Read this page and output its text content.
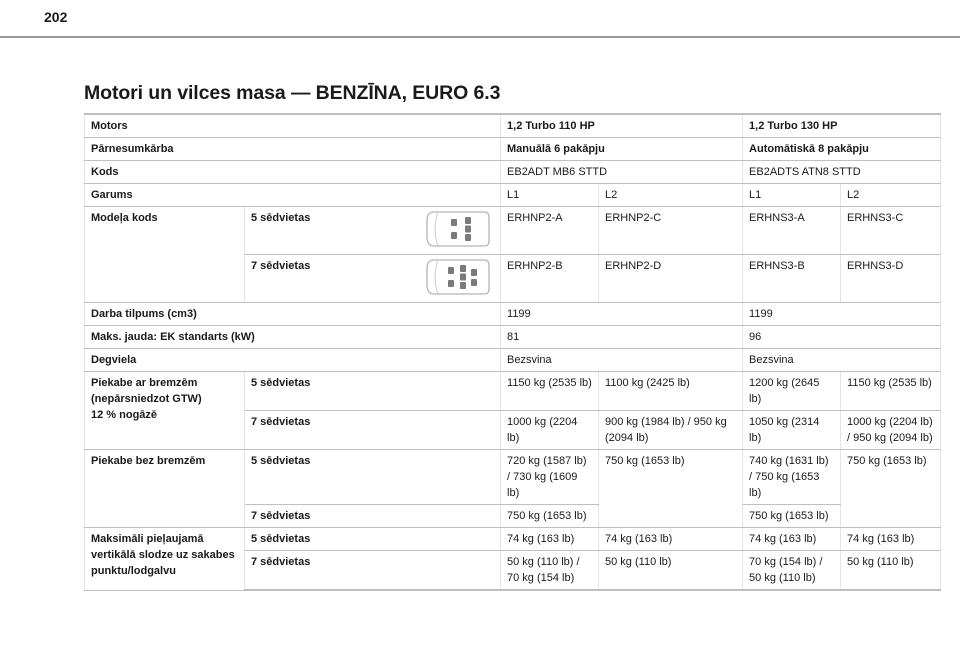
202
Motori un vilces masa — BENZĪNA, EURO 6.3
Motors		1,2 Turbo 110 HP		1,2 Turbo 130 HP	
Pārnesumkārba		Manuālā 6 pakāpju		Automātiskā 8 pakāpju	
Kods		EB2ADT MB6 STTD		EB2ADTS ATN8 STTD	
Garums		L1	L2	L1	L2
Modeļa kods	5 sēdvietas	ERHNP2-A	ERHNP2-C	ERHNS3-A	ERHNS3-C
	7 sēdvietas	ERHNP2-B	ERHNP2-D	ERHNS3-B	ERHNS3-D
Darba tilpums (cm3)		1199		1199	
Maks. jauda: EK standarts (kW)		81		96	
Degviela		Bezsvina		Bezsvina	

Piekabe ar bremzēm
(nepārsniedzot GTW)
12 % nogāzē	5 sēdvietas	1150 kg (2535 lb)	1100 kg (2425 lb)	1200 kg (2645 lb)	1150 kg (2535 lb)
	7 sēdvietas	1000 kg (2204 lb)	900 kg (1984 lb) / 950 kg (2094 lb)	1050 kg (2314 lb)	1000 kg (2204 lb) / 950 kg (2094 lb)
Piekabe bez bremzēm	5 sēdvietas	720 kg (1587 lb) / 730 kg (1609 lb)	750 kg (1653 lb)	740 kg (1631 lb) / 750 kg (1653 lb)	750 kg (1653 lb)
	7 sēdvietas	750 kg (1653 lb)		750 kg (1653 lb)	
Maksimāli pieļaujamā vertikālā slodze uz sakabes punktu/lodgalvu	5 sēdvietas	74 kg (163 lb)	74 kg (163 lb)	74 kg (163 lb)	74 kg (163 lb)
	7 sēdvietas	50 kg (110 lb) / 70 kg (154 lb)	50 kg (110 lb)	70 kg (154 lb) / 50 kg (110 lb)	50 kg (110 lb)
